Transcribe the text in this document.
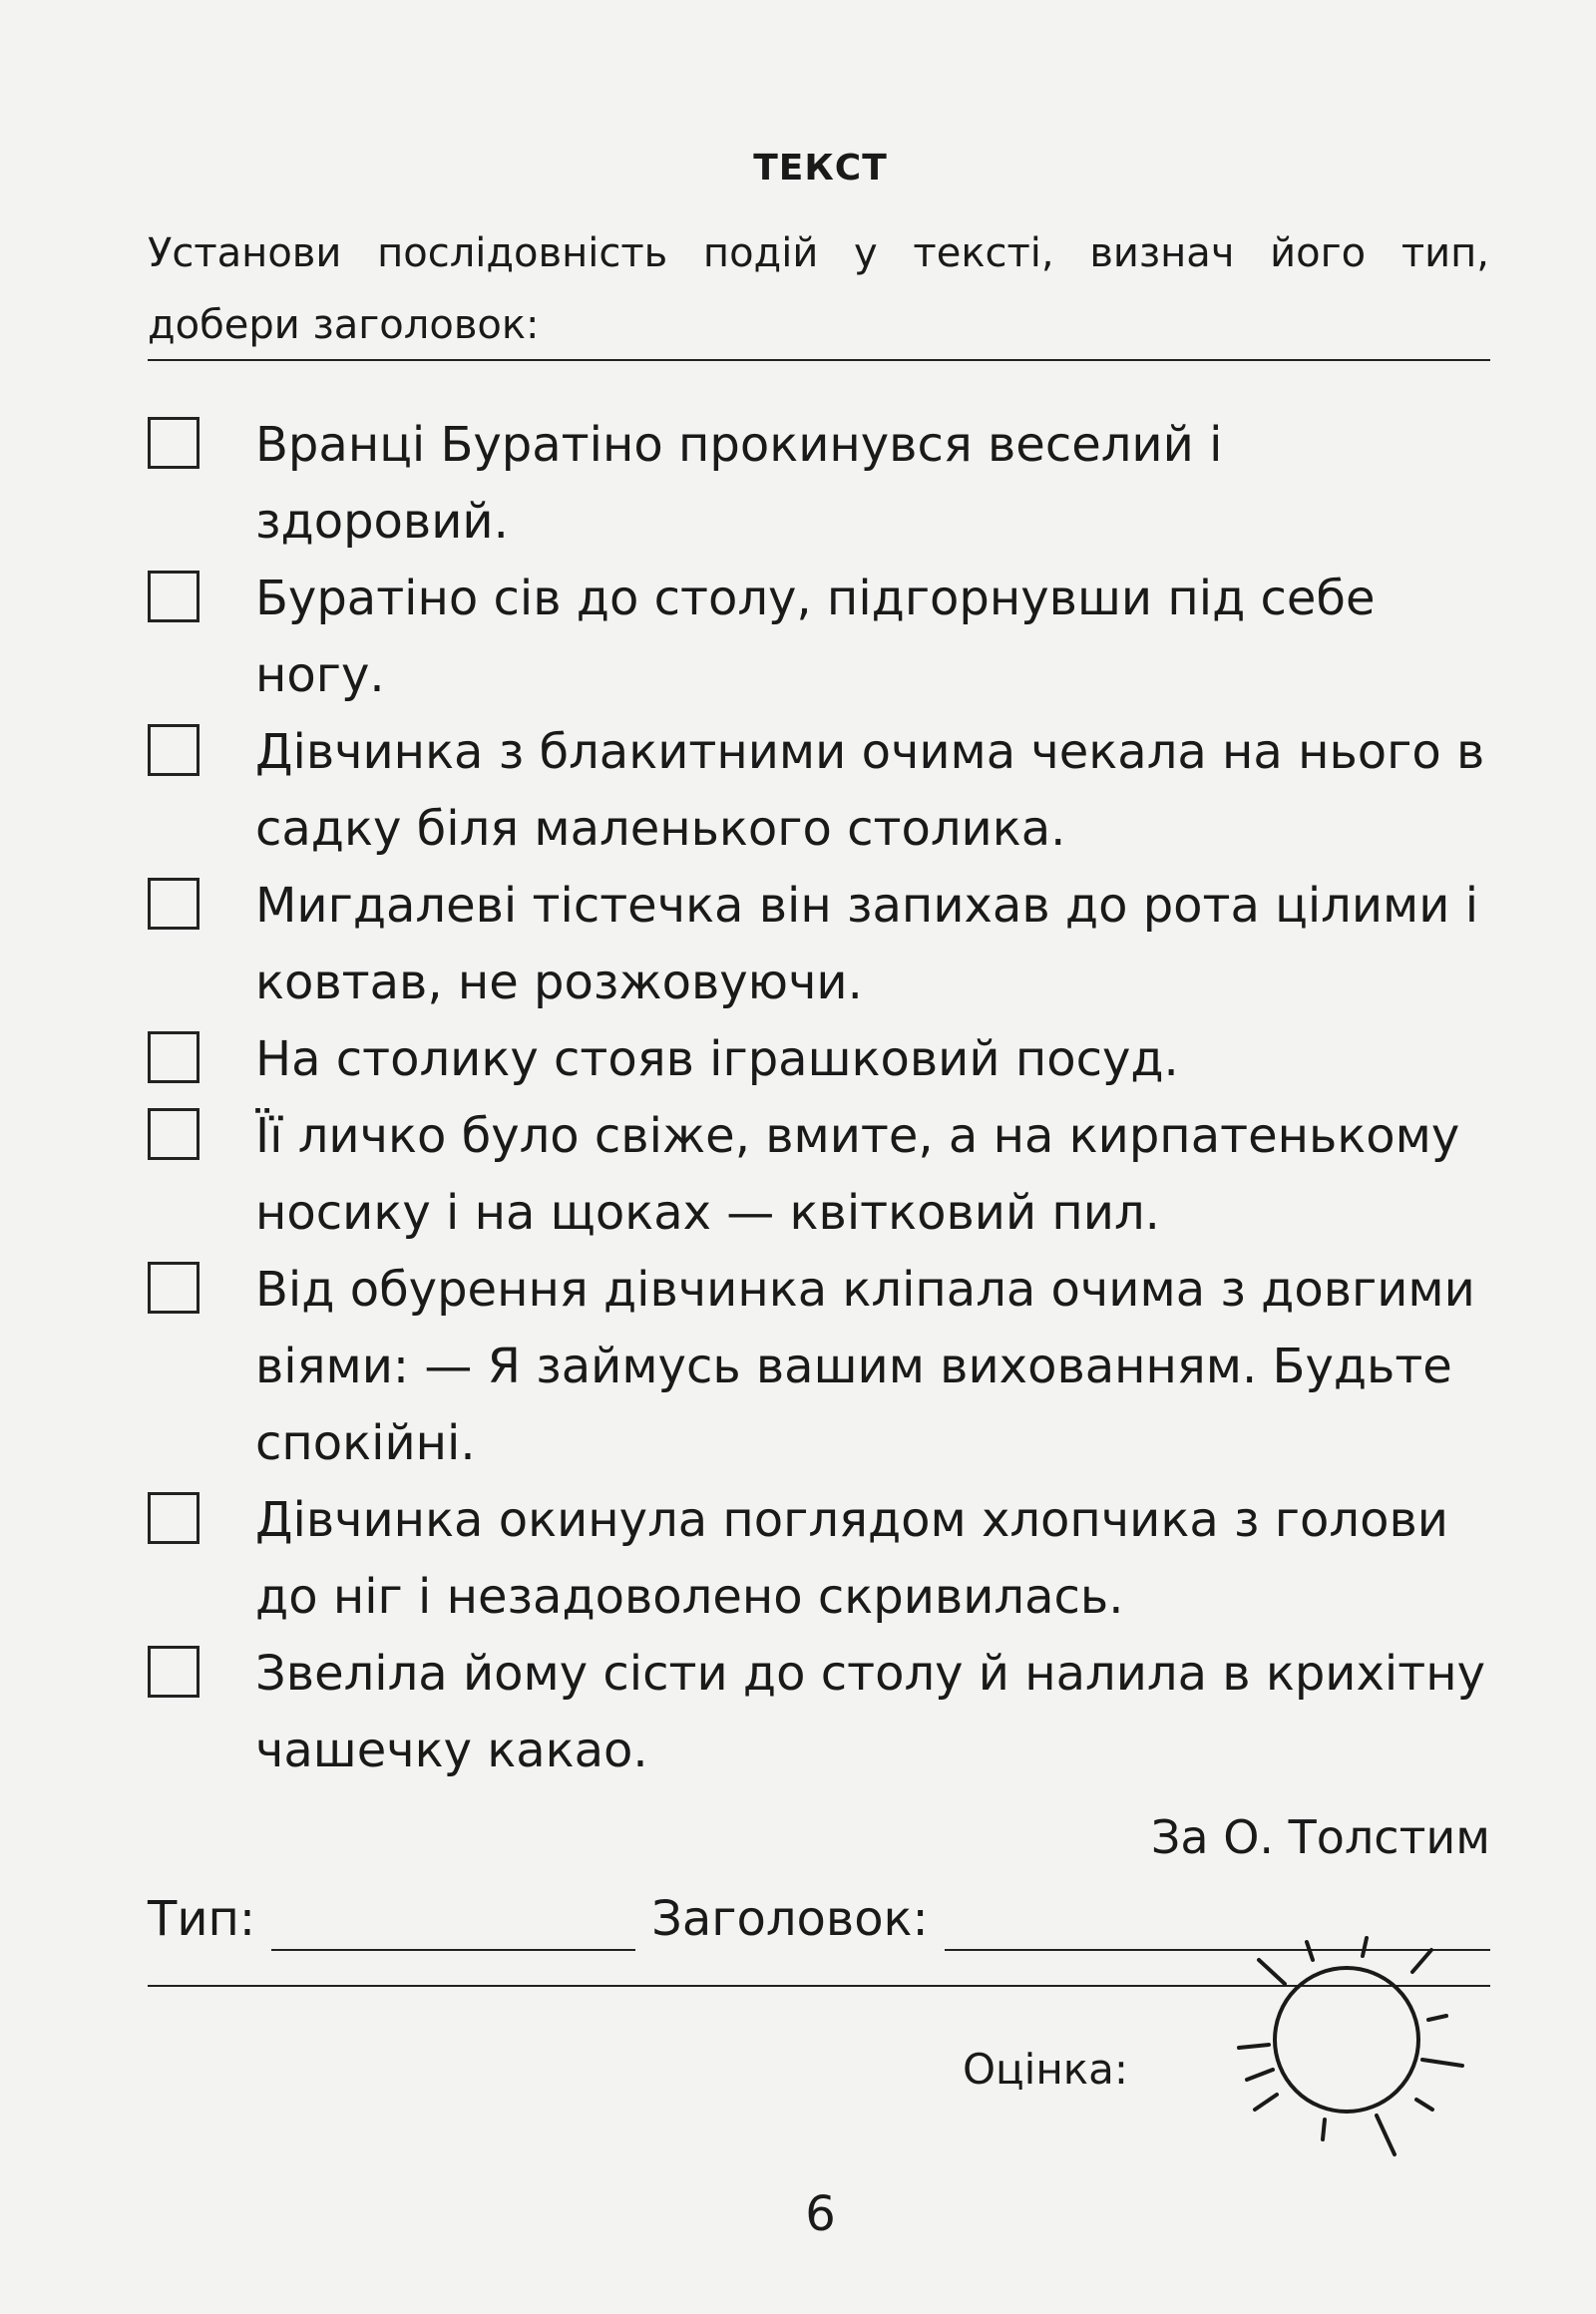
ТЕКСТ
Установи послідовність подій у тексті, визнач його тип, добери заголовок:
Вранці Буратіно прокинувся веселий і здоровий.
Буратіно сів до столу, підгорнувши під себе ногу.
Дівчинка з блакитними очима чекала на нього в садку біля маленького столика.
Мигдалеві тістечка він запихав до рота цілими і ковтав, не розжовуючи.
На столику стояв іграшковий посуд.
Її личко було свіже, вмите, а на кирпатенькому носику і на щоках — квітковий пил.
Від обурення дівчинка кліпала очима з довгими віями: — Я займусь вашим вихованням. Будьте спокійні.
Дівчинка окинула поглядом хлопчика з голови до ніг і незадоволено скривилась.
Звеліла йому сісти до столу й налила в крихітну чашечку какао.
За О. Толстим
Тип:	Заголовок:
Оцінка:
6
